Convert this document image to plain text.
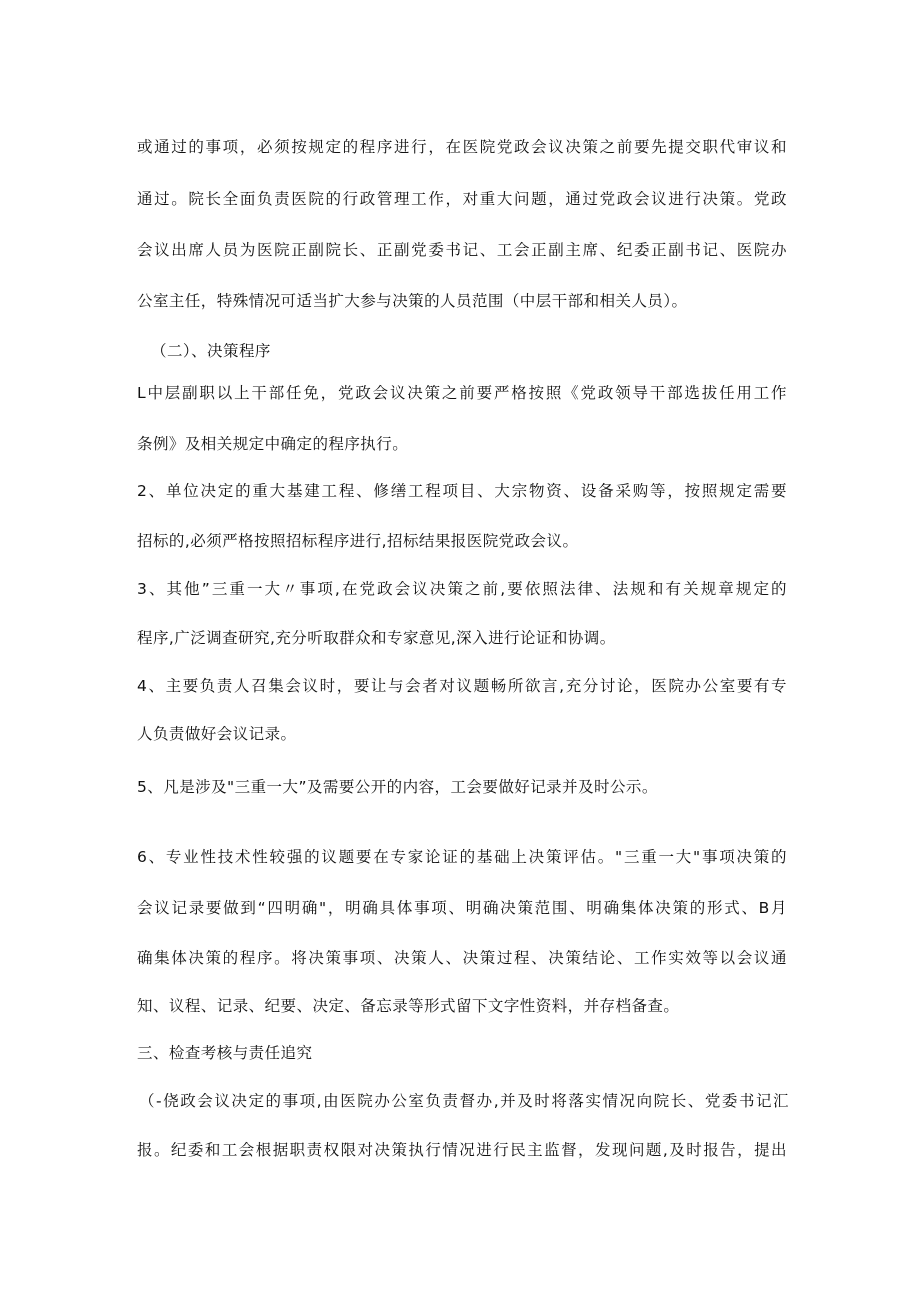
或通过的事项，必须按规定的程序进行，在医院党政会议决策之前要先提交职代审议和
通过。院长全面负责医院的行政管理工作，对重大问题，通过党政会议进行决策。党政
会议出席人员为医院正副院长、正副党委书记、工会正副主席、纪委正副书记、医院办
公室主任，特殊情况可适当扩大参与决策的人员范围（中层干部和相关人员）。
（二）、决策程序
L中层副职以上干部任免，党政会议决策之前要严格按照《党政领导干部选拔任用工作
条例》及相关规定中确定的程序执行。
2、单位决定的重大基建工程、修缮工程项目、大宗物资、设备采购等，按照规定需要
招标的,必须严格按照招标程序进行,招标结果报医院党政会议。
3、其他”三重一大〃事项,在党政会议决策之前,要依照法律、法规和有关规章规定的
程序,广泛调查研究,充分听取群众和专家意见,深入进行论证和协调。
4、主要负责人召集会议时，要让与会者对议题畅所欲言,充分讨论，医院办公室要有专
人负责做好会议记录。
5、凡是涉及"三重一大”及需要公开的内容，工会要做好记录并及时公示。
6、专业性技术性较强的议题要在专家论证的基础上决策评估。"三重一大"事项决策的
会议记录要做到“四明确"，明确具体事项、明确决策范围、明确集体决策的形式、B月
确集体决策的程序。将决策事项、决策人、决策过程、决策结论、工作实效等以会议通
知、议程、记录、纪要、决定、备忘录等形式留下文字性资料，并存档备查。
三、检查考核与责任追究
（-侥政会议决定的事项,由医院办公室负责督办,并及时将落实情况向院长、党委书记汇
报。纪委和工会根据职责权限对决策执行情况进行民主监督，发现问题,及时报告，提出
